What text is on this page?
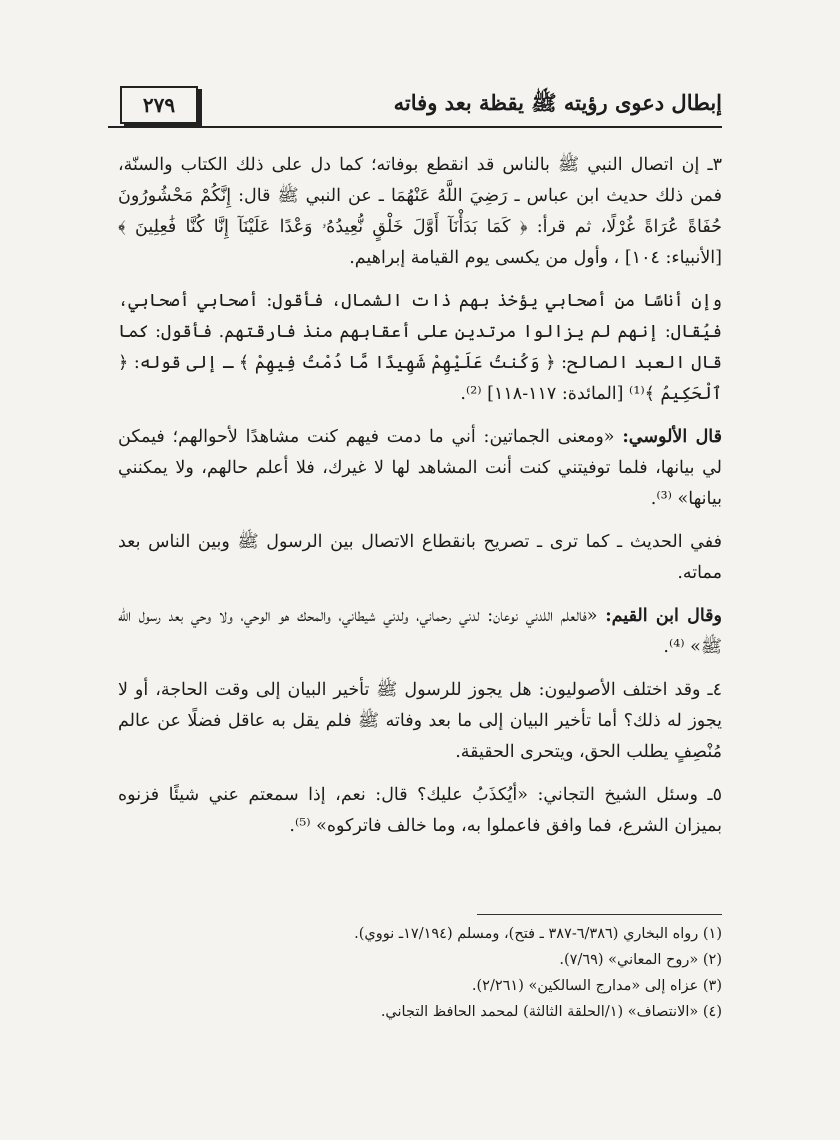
إبطال دعوى رؤيته ﷺ يقظة بعد وفاته
٢٧٩

٣ـ إن اتصال النبي ﷺ بالناس قد انقطع بوفاته؛ كما دل على ذلك الكتاب والسنّة، فمن ذلك حديث ابن عباس ـ رَضِيَ اللَّهُ عَنْهُمَا ـ عن النبي ﷺ قال: إِنَّكُمْ مَحْشُورُونَ حُفَاةً عُرَاةً غُرْلًا، ثم قرأ: ﴿ كَمَا بَدَأْنَآ أَوَّلَ خَلْقٍ نُّعِيدُهُۥ وَعْدًا عَلَيْنَآ إِنَّا كُنَّا فَٰعِلِينَ ﴾ [الأنبياء: ١٠٤] ، وأول من يكسى يوم القيامة إبراهيم.

وإن أناسًا من أصحابي يؤخذ بهم ذات الشمال، فأقول: أصحابي أصحابي، فيُقال: إنهم لم يزالوا مرتدين على أعقابهم منذ فارقتهم. فأقول: كما قال العبد الصالح: ﴿ وَكُنتُ عَلَيْهِمْ شَهِيدًا مَّا دُمْتُ فِيهِمْ ﴾ ـ إلى قوله: ﴿ ٱلْحَكِيمُ ﴾⁽¹⁾ [المائدة: ١١٧-١١٨] ⁽²⁾.

قال الألوسي: «ومعنى الجماتين: أني ما دمت فيهم كنت مشاهدًا لأحوالهم؛ فيمكن لي بيانها، فلما توفيتني كنت أنت المشاهد لها لا غيرك، فلا أعلم حالهم، ولا يمكنني بيانها» ⁽³⁾.

ففي الحديث ـ كما ترى ـ تصريح بانقطاع الاتصال بين الرسول ﷺ وبين الناس بعد مماته.

وقال ابن القيم: «فالعلم اللدني نوعان: لدني رحماني، ولدني شيطاني، والمحك هو الوحي، ولا وحي بعد رسول الله ﷺ» ⁽⁴⁾.

٤ـ وقد اختلف الأصوليون: هل يجوز للرسول ﷺ تأخير البيان إلى وقت الحاجة، أو لا يجوز له ذلك؟ أما تأخير البيان إلى ما بعد وفاته ﷺ فلم يقل به عاقل فضلًا عن عالم مُنْصِفٍ يطلب الحق، ويتحرى الحقيقة.

٥ـ وسئل الشيخ التجاني: «أيُكذَبُ عليك؟ قال: نعم، إذا سمعتم عني شيئًا فزنوه بميزان الشرع، فما وافق فاعملوا به، وما خالف فاتركوه» ⁽⁵⁾.

(١) رواه البخاري (٦/٣٨٦-٣٨٧ ـ فتح)، ومسلم (١٧/١٩٤ـ نووي).
(٢) «روح المعاني» (٧/٦٩).
(٣) عزاه إلى «مدارج السالكين» (٢/٢٦١).
(٤) «الانتصاف» (١/الحلقة الثالثة) لمحمد الحافظ التجاني.
